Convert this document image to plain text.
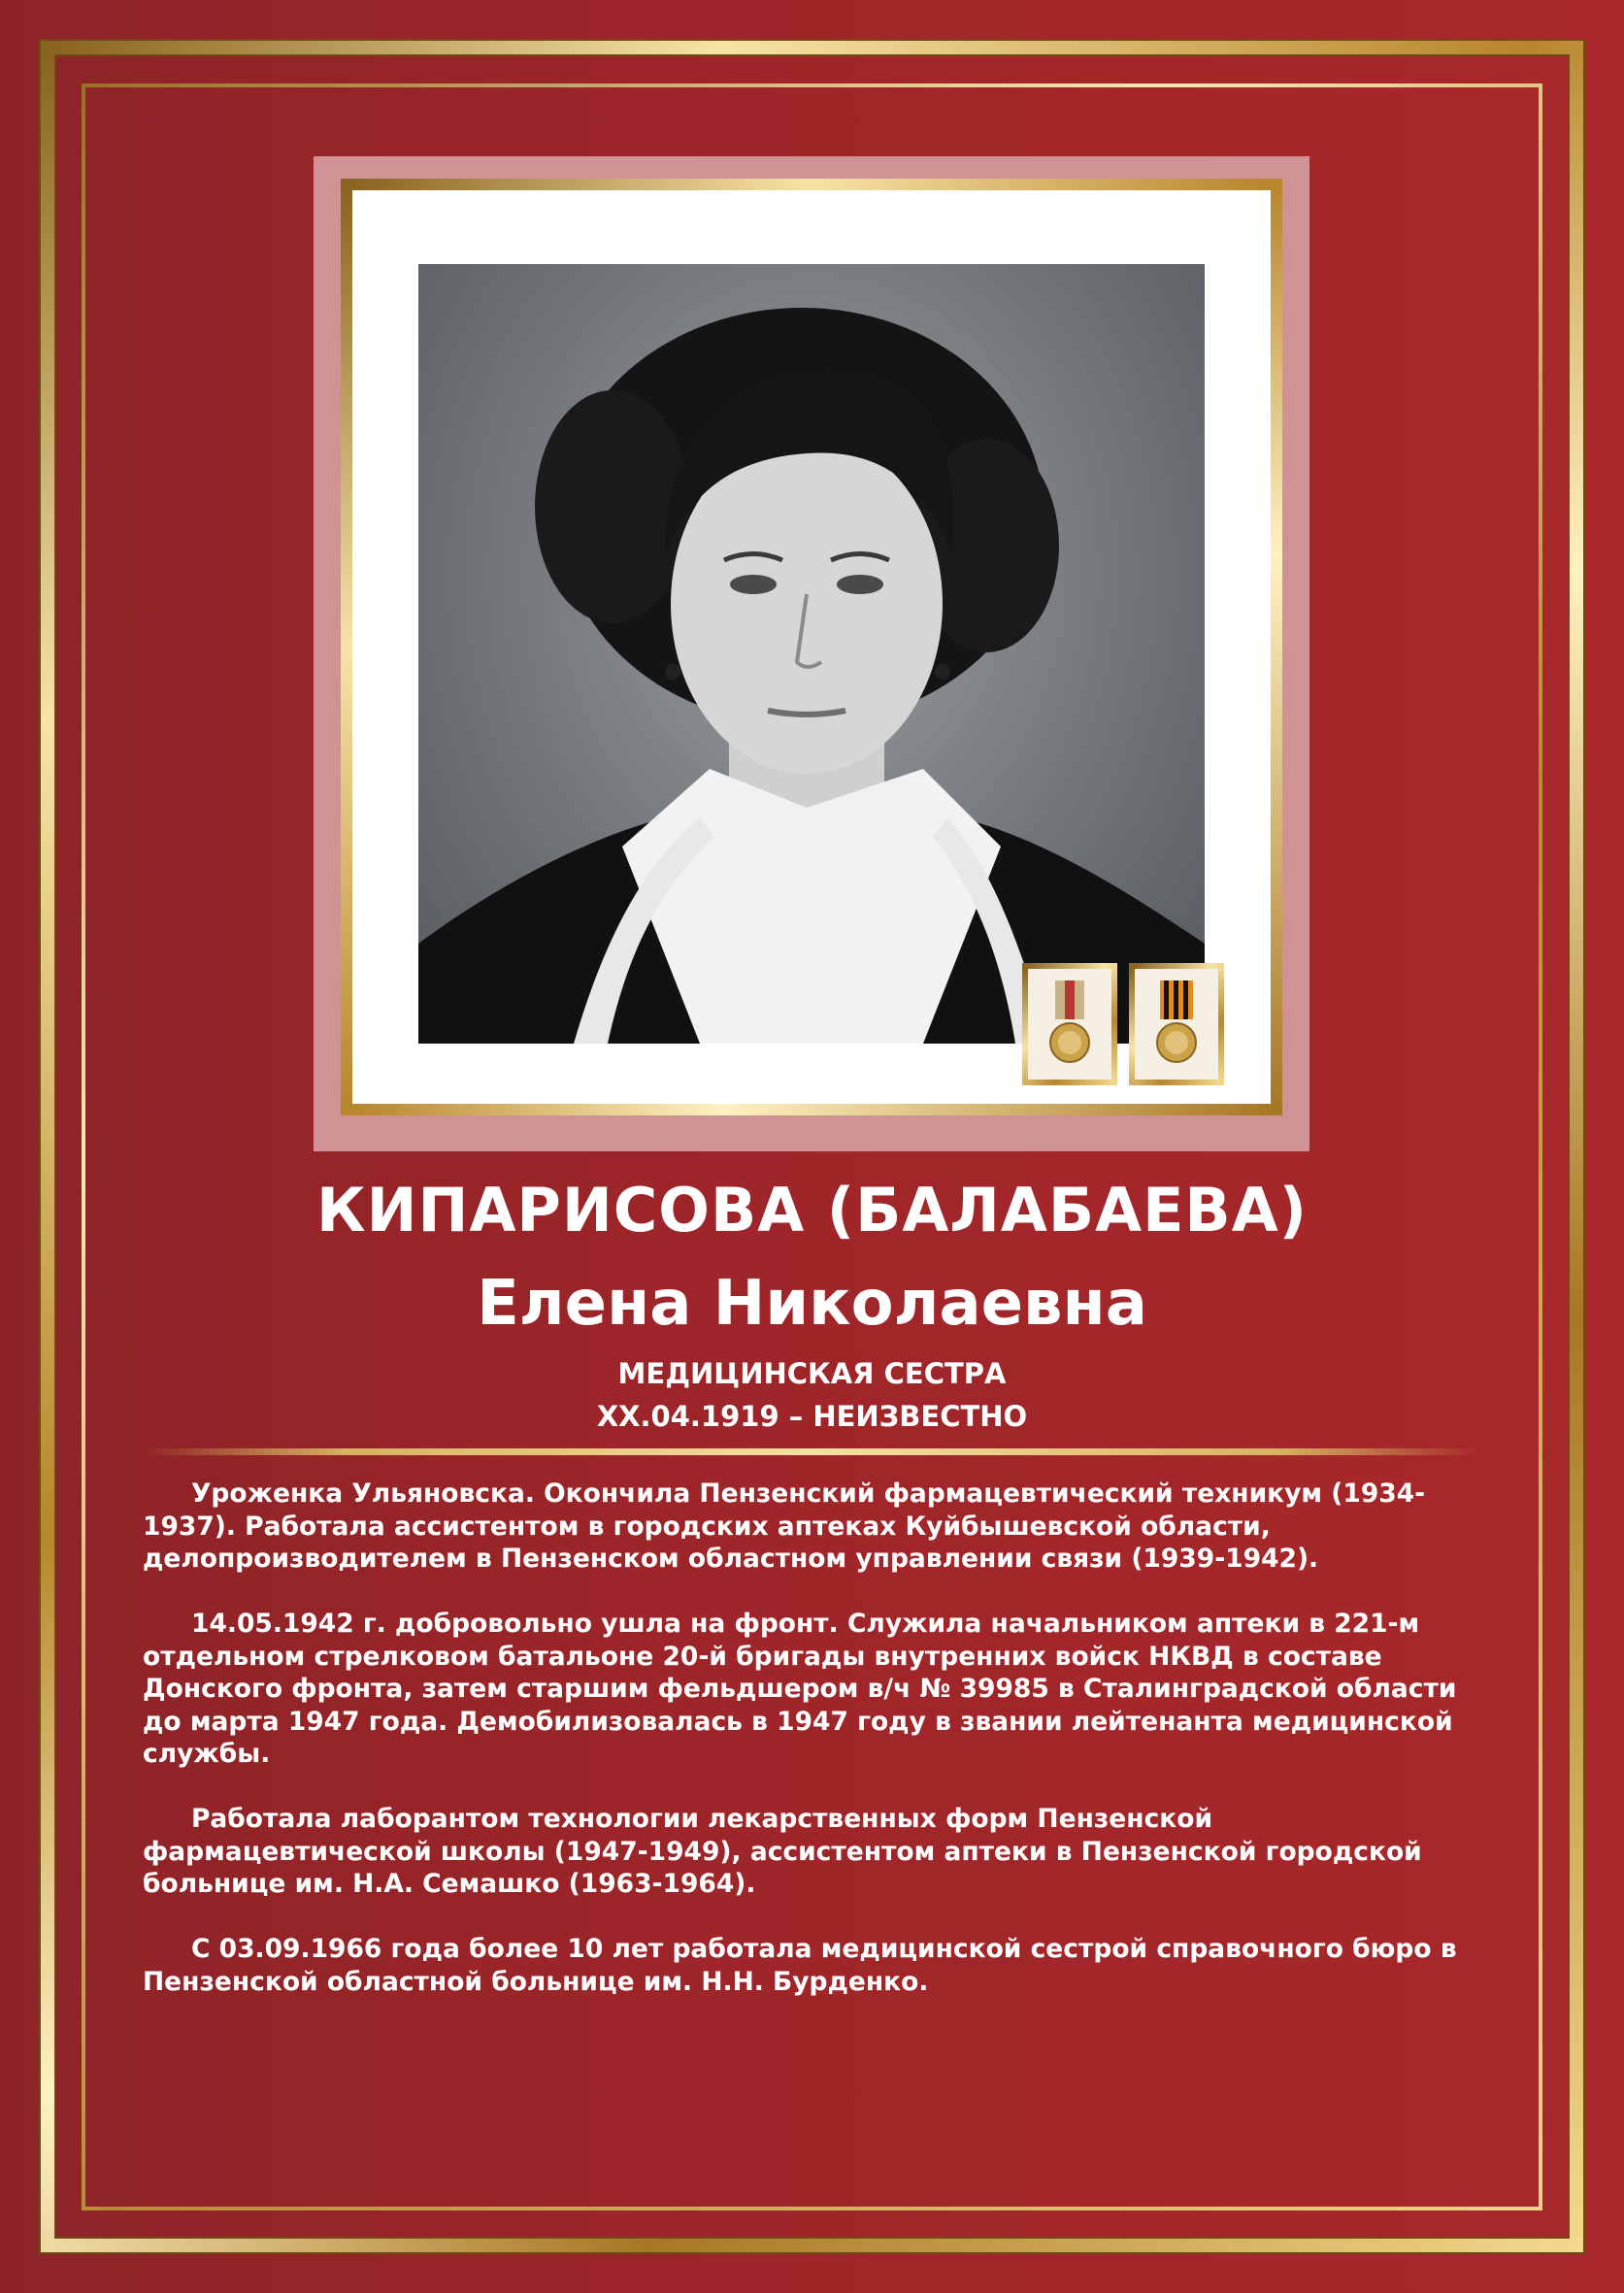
КИПАРИСОВА (БАЛАБАЕВА)
Елена Николаевна
МЕДИЦИНСКАЯ СЕСТРА
ХХ.04.1919 – НЕИЗВЕСТНО

Уроженка Ульяновска. Окончила Пензенский фармацевтический техникум (1934-1937). Работала ассистентом в городских аптеках Куйбышевской области, делопроизводителем в Пензенском областном управлении связи (1939-1942).

14.05.1942 г. добровольно ушла на фронт. Служила начальником аптеки в 221-м отдельном стрелковом батальоне 20-й бригады внутренних войск НКВД в составе Донского фронта, затем старшим фельдшером в/ч № 39985 в Сталинградской области до марта 1947 года. Демобилизовалась в 1947 году в звании лейтенанта медицинской службы.

Работала лаборантом технологии лекарственных форм Пензенской фармацевтической школы (1947-1949), ассистентом аптеки в Пензенской городской больнице им. Н.А. Семашко (1963-1964).

С 03.09.1966 года более 10 лет работала медицинской сестрой справочного бюро в Пензенской областной больнице им. Н.Н. Бурденко.
